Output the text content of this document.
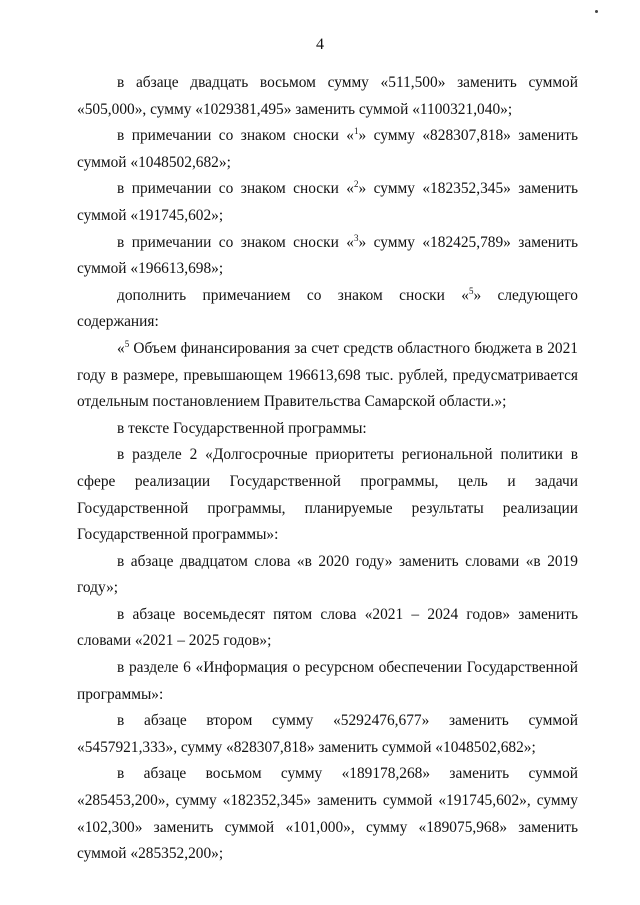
4

в абзаце двадцать восьмом сумму «511,500» заменить суммой «505,000», сумму «1029381,495» заменить суммой «1100321,040»;

в примечании со знаком сноски «$^1$» сумму «828307,818» заменить суммой «1048502,682»;

в примечании со знаком сноски «$^2$» сумму «182352,345» заменить суммой «191745,602»;

в примечании со знаком сноски «$^3$» сумму «182425,789» заменить суммой «196613,698»;

дополнить примечанием со знаком сноски «$^5$» следующего содержания:

«$^5$ Объем финансирования за счет средств областного бюджета в 2021 году в размере, превышающем 196613,698 тыс. рублей, предусматривается отдельным постановлением Правительства Самарской области.»;

в тексте Государственной программы:

в разделе 2 «Долгосрочные приоритеты региональной политики в сфере реализации Государственной программы, цель и задачи Государственной программы, планируемые результаты реализации Государственной программы»:

в абзаце двадцатом слова «в 2020 году» заменить словами «в 2019 году»;

в абзаце восемьдесят пятом слова «2021 – 2024 годов» заменить словами «2021 – 2025 годов»;

в разделе 6 «Информация о ресурсном обеспечении Государственной программы»:

в абзаце втором сумму «5292476,677» заменить суммой «5457921,333», сумму «828307,818» заменить суммой «1048502,682»;

в абзаце восьмом сумму «189178,268» заменить суммой «285453,200», сумму «182352,345» заменить суммой «191745,602», сумму «102,300» заменить суммой «101,000», сумму «189075,968» заменить суммой «285352,200»;
